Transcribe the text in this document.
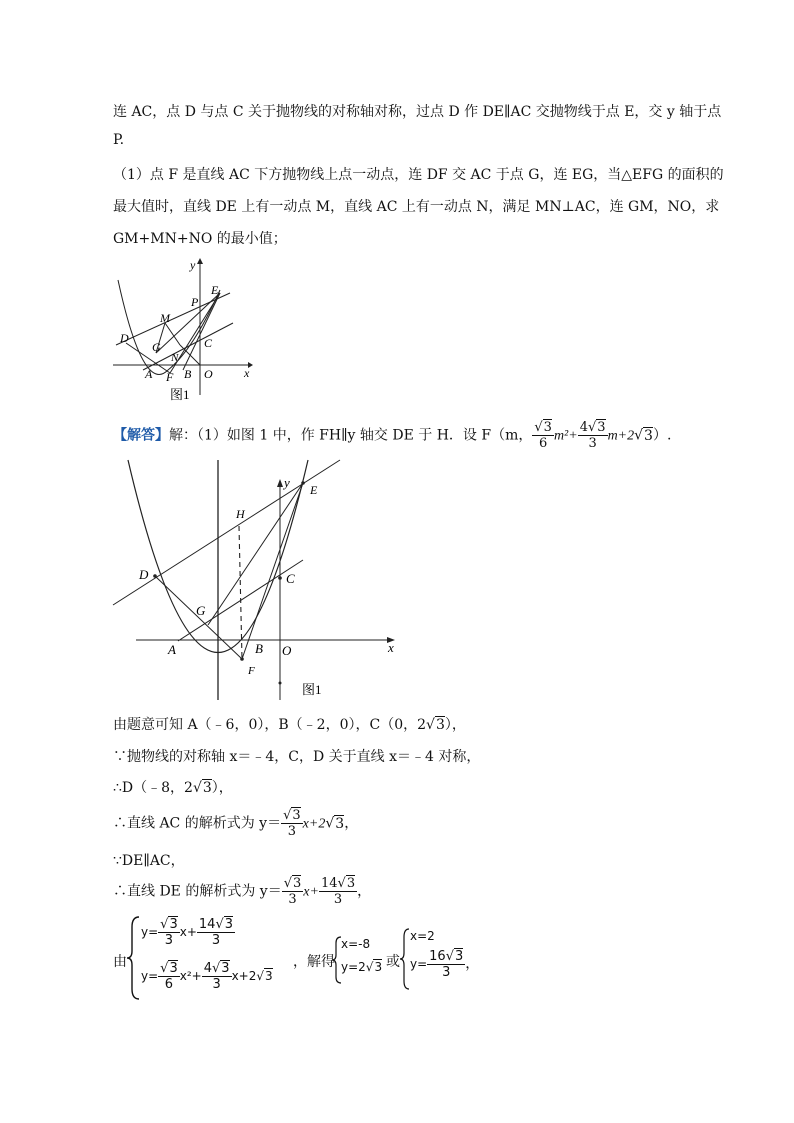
连 AC，点 D 与点 C 关于抛物线的对称轴对称，过点 D 作 DE∥AC 交抛物线于点 E，交 y 轴于点
P.
（1）点 F 是直线 AC 下方抛物线上点一动点，连 DF 交 AC 于点 G，连 EG，当△EFG 的面积的
最大值时，直线 DE 上有一动点 M，直线 AC 上有一动点 N，满足 MN⊥AC，连 GM，NO，求
GM+MN+NO 的最小值；
y
x
E
P
M
D	C
G
N
A F B O
图1
【解答】解：（1）如图 1 中，作 FH∥y 轴交 DE 于 H．设 F（m， $\frac{√3}{6} m^2+ \frac{4√3}{3} m+2√3$）.
y
x
E
H
C
D
G
A	B O
F
图1
由题意可知 A（﹣6，0），B（﹣2，0），C（0，2√3），
∵抛物线的对称轴 x＝﹣4，C，D 关于直线 x＝﹣4 对称，
∴D（﹣8，2√3），
∴直线 AC 的解析式为 $y= \frac{√3}{3} x+2√3$，
∵DE∥AC，
∴直线 DE 的解析式为 $y= \frac{√3}{3} x+ \frac{14√3}{3}$ ，
由
$y= \frac{√3}{3} x+ \frac{14√3}{3}$
$y= \frac{√3}{6} x^2+ \frac{4√3}{3} x+2√3$
，解得
x=-8
y=2√3 或
x=2
$y= \frac{16√3}{3}$ ，
